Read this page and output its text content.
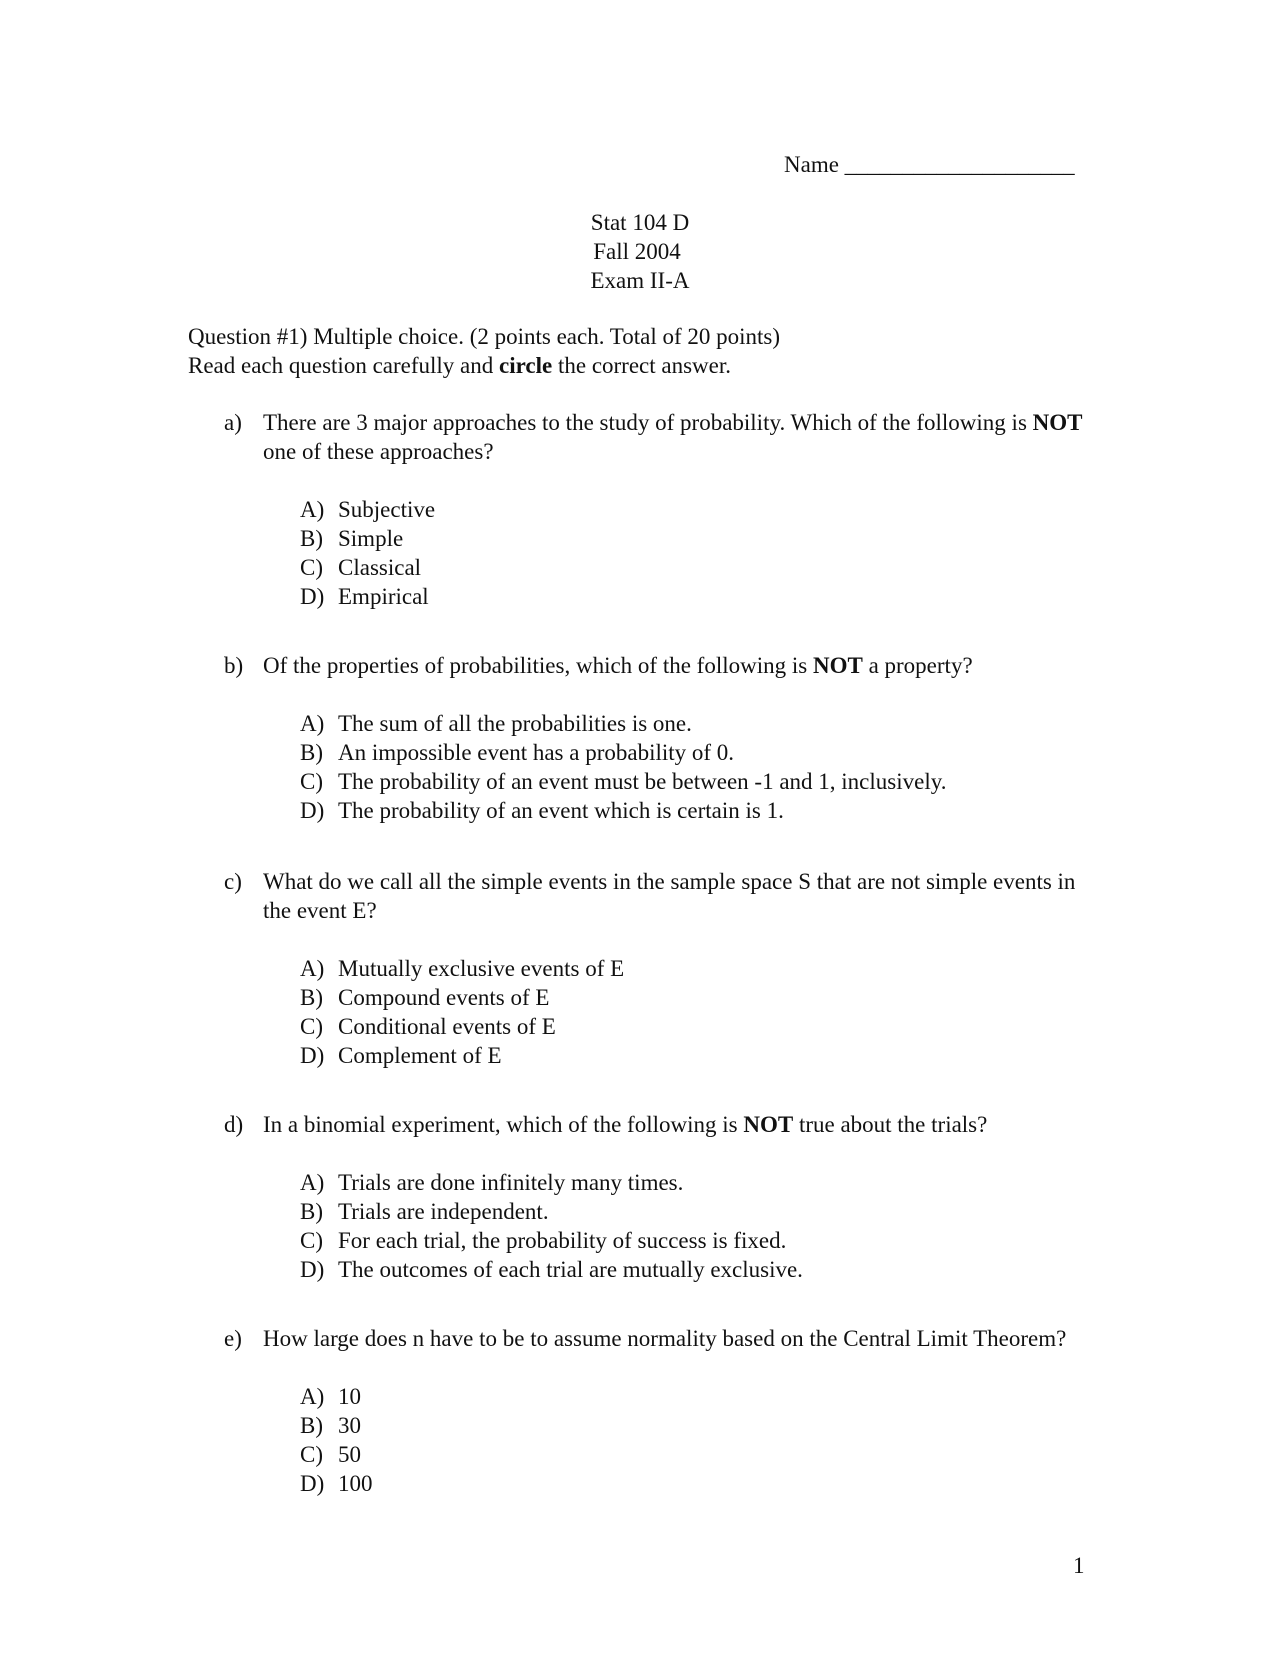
Name ____________________
Stat 104 D
Fall 2004
Exam II-A
Question #1) Multiple choice. (2 points each. Total of 20 points)
Read each question carefully and circle the correct answer.
a) There are 3 major approaches to the study of probability. Which of the following is NOT one of these approaches?
A) Subjective
B) Simple
C) Classical
D) Empirical
b) Of the properties of probabilities, which of the following is NOT a property?
A) The sum of all the probabilities is one.
B) An impossible event has a probability of 0.
C) The probability of an event must be between -1 and 1, inclusively.
D) The probability of an event which is certain is 1.
c) What do we call all the simple events in the sample space S that are not simple events in the event E?
A) Mutually exclusive events of E
B) Compound events of E
C) Conditional events of E
D) Complement of E
d) In a binomial experiment, which of the following is NOT true about the trials?
A) Trials are done infinitely many times.
B) Trials are independent.
C) For each trial, the probability of success is fixed.
D) The outcomes of each trial are mutually exclusive.
e) How large does n have to be to assume normality based on the Central Limit Theorem?
A) 10
B) 30
C) 50
D) 100
1
